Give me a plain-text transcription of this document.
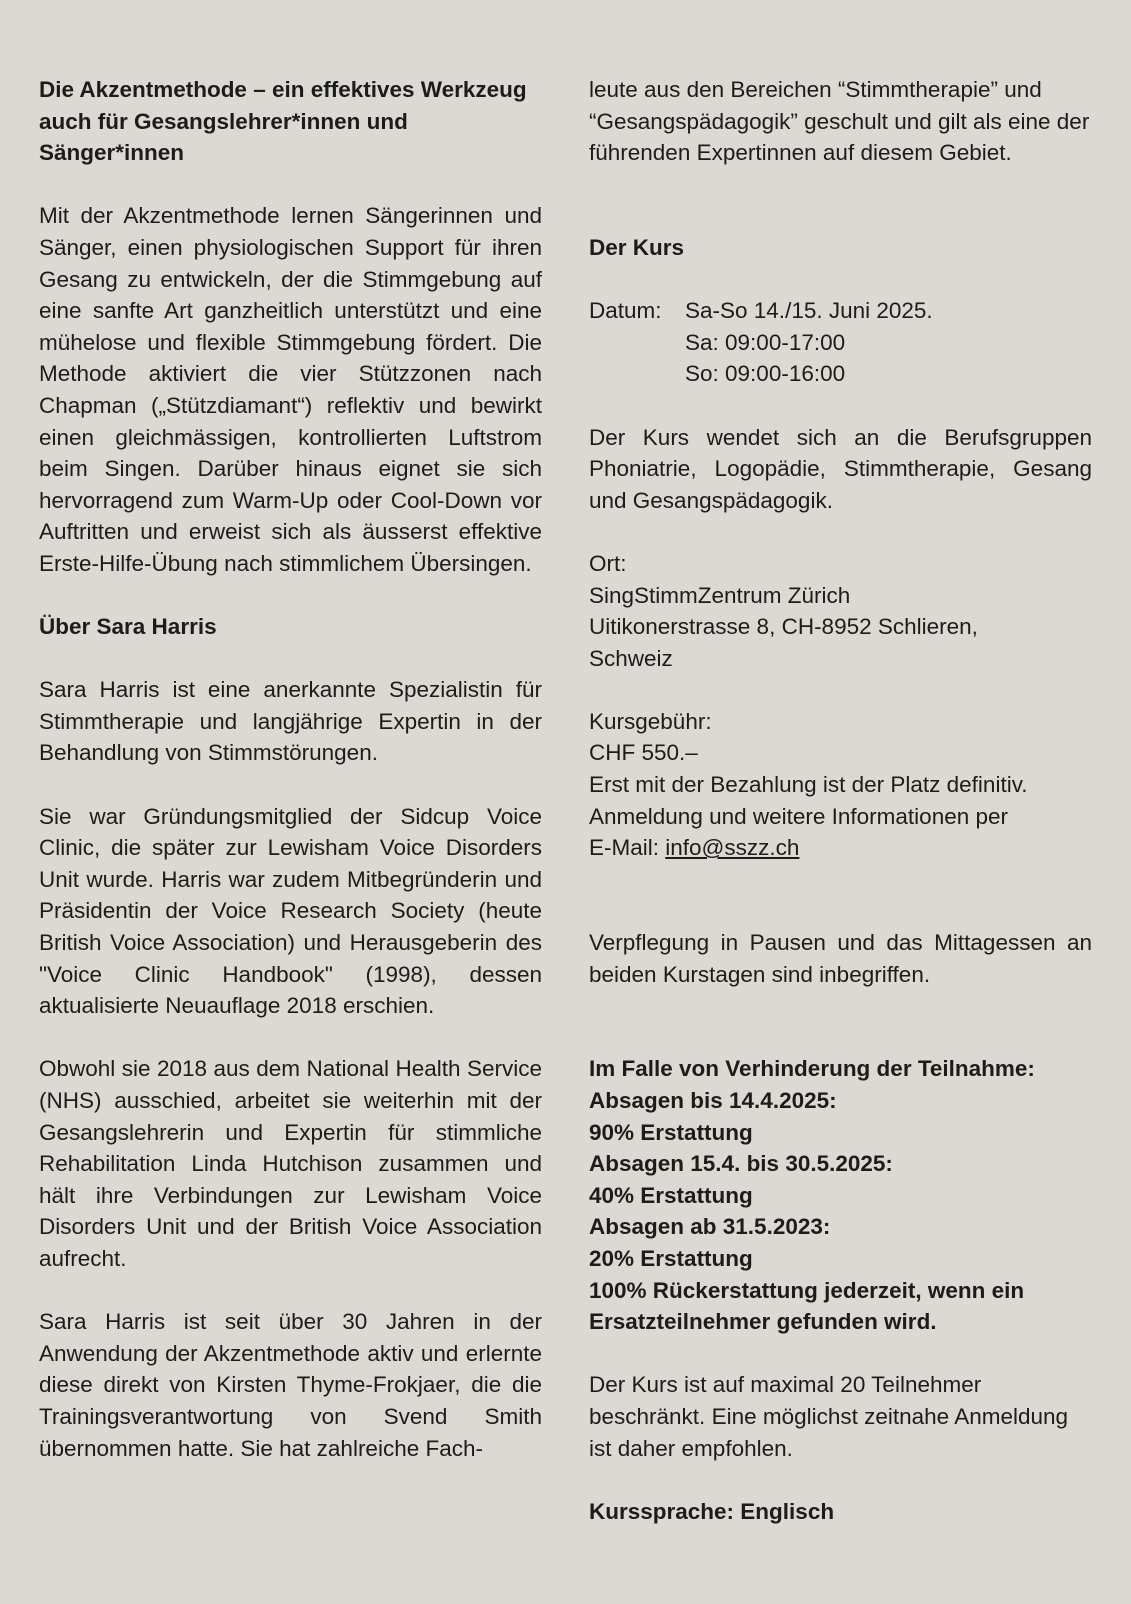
Die Akzentmethode – ein effektives Werkzeug auch für Gesangslehrer*innen und Sänger*innen

Mit der Akzentmethode lernen Sängerinnen und Sänger, einen physiologischen Support für ihren Gesang zu entwickeln, der die Stimmgebung auf eine sanfte Art ganzheitlich unterstützt und eine mühelose und flexible Stimmgebung fördert. Die Methode aktiviert die vier Stützzonen nach Chapman („Stützdiamant“) reflektiv und bewirkt einen gleichmässigen, kontrollierten Luftstrom beim Singen. Darüber hinaus eignet sie sich hervorragend zum Warm-Up oder Cool-Down vor Auftritten und erweist sich als äusserst effektive Erste-Hilfe-Übung nach stimmlichem Übersingen.

Über Sara Harris

Sara Harris ist eine anerkannte Spezialistin für Stimmtherapie und langjährige Expertin in der Behandlung von Stimmstörungen.

Sie war Gründungsmitglied der Sidcup Voice Clinic, die später zur Lewisham Voice Disorders Unit wurde. Harris war zudem Mitbegründerin und Präsidentin der Voice Research Society (heute British Voice Association) und Herausgeberin des "Voice Clinic Handbook" (1998), dessen aktualisierte Neuauflage 2018 erschien.

Obwohl sie 2018 aus dem National Health Service (NHS) ausschied, arbeitet sie weiterhin mit der Gesangslehrerin und Expertin für stimmliche Rehabilitation Linda Hutchison zusammen und hält ihre Verbindungen zur Lewisham Voice Disorders Unit und der British Voice Association aufrecht.

Sara Harris ist seit über 30 Jahren in der Anwendung der Akzentmethode aktiv und erlernte diese direkt von Kirsten Thyme-Frokjaer, die die Trainingsverantwortung von Svend Smith übernommen hatte. Sie hat zahlreiche Fach-

leute aus den Bereichen “Stimmtherapie” und “Gesangspädagogik” geschult und gilt als eine der führenden Expertinnen auf diesem Gebiet.

Der Kurs
Datum:	Sa-So 14./15. Juni 2025.
Sa: 09:00-17:00
So: 09:00-16:00

Der Kurs wendet sich an die Berufsgruppen Phoniatrie, Logopädie, Stimmtherapie, Gesang und Gesangspädagogik.

Ort:
SingStimmZentrum Zürich
Uitikonerstrasse 8, CH-8952 Schlieren,
Schweiz

Kursgebühr:
CHF 550.–
Erst mit der Bezahlung ist der Platz definitiv.
Anmeldung und weitere Informationen per
E-Mail: info@sszz.ch

Verpflegung in Pausen und das Mittagessen an beiden Kurstagen sind inbegriffen.

Im Falle von Verhinderung der Teilnahme:
Absagen bis 14.4.2025:
90% Erstattung
Absagen 15.4. bis 30.5.2025:
40% Erstattung
Absagen ab 31.5.2023:
20% Erstattung
100% Rückerstattung jederzeit, wenn ein Ersatzteilnehmer gefunden wird.

Der Kurs ist auf maximal 20 Teilnehmer beschränkt. Eine möglichst zeitnahe Anmeldung ist daher empfohlen.

Kurssprache: Englisch
